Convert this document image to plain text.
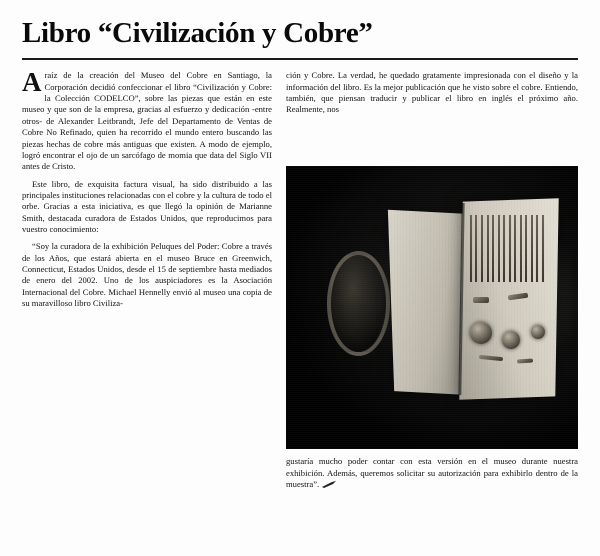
Libro “Civilización y Cobre”

Araíz de la creación del Museo del Cobre en Santiago, la Corporación decidió confeccionar el libro “Civilización y Cobre: la Colección CODELCO”, sobre las piezas que están en este museo y que son de la empresa, gracias al esfuerzo y dedicación -entre otros- de Alexander Leitbrandt, Jefe del Departamento de Ventas de Cobre No Refinado, quien ha recorrido el mundo entero buscando las piezas hechas de cobre más antiguas que existen. A modo de ejemplo, logró encontrar el ojo de un sarcófago de momia que data del Siglo VII antes de Cristo.

Este libro, de exquisita factura visual, ha sido distribuido a las principales instituciones relacionadas con el cobre y la cultura de todo el orbe. Gracias a esta iniciativa, es que llegó la opinión de Marianne Smith, destacada curadora de Estados Unidos, que reproducimos para vuestro conocimiento:

“Soy la curadora de la exhibición Peluques del Poder: Cobre a través de los Años, que estará abierta en el museo Bruce en Greenwich, Connecticut, Estados Unidos, desde el 15 de septiembre hasta mediados de enero del 2002. Uno de los auspiciadores es la Asociación Internacional del Cobre. Michael Hennelly envió al museo una copia de su maravilloso libro Civiliza-

ción y Cobre. La verdad, he quedado gratamente impresionada con el diseño y la información del libro. Es la mejor publicación que he visto sobre el cobre. Entiendo, también, que piensan traducir y publicar el libro en inglés el próximo año. Realmente, nos

gustaría mucho poder contar con esta versión en el museo durante nuestra exhibición. Además, queremos solicitar su autorización para exhibirlo dentro de la muestra”.
